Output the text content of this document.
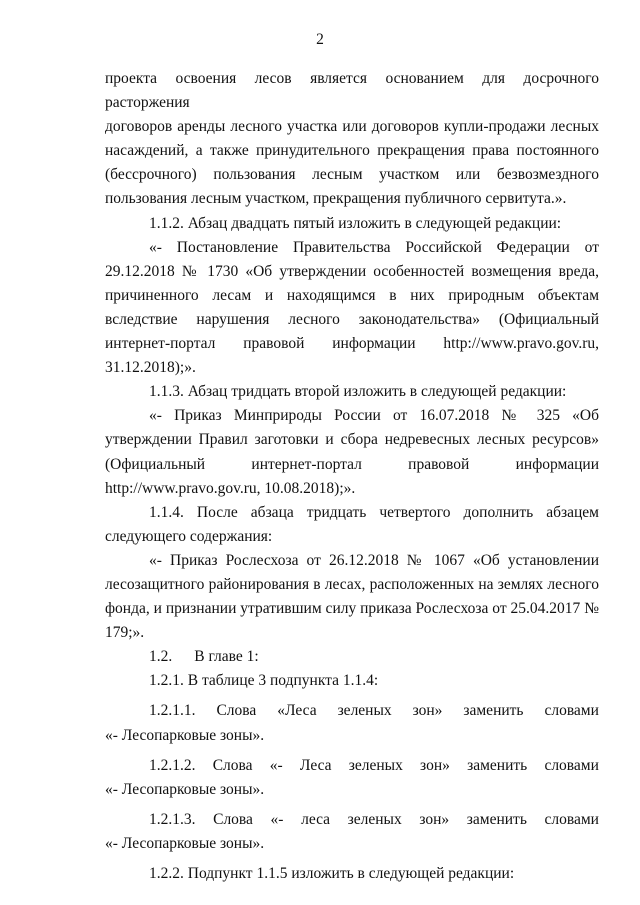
2

проекта освоения лесов является основанием для досрочного расторжения
договоров аренды лесного участка или договоров купли-продажи лесных
насаждений, а также принудительного прекращения права постоянного
(бессрочного) пользования лесным участком или безвозмездного
пользования лесным участком, прекращения публичного сервитута.».

1.1.2. Абзац двадцать пятый изложить в следующей редакции:

«- Постановление Правительства Российской Федерации от 29.12.2018 № 1730 «Об утверждении особенностей возмещения вреда, причиненного лесам и находящимся в них природным объектам вследствие нарушения лесного законодательства» (Официальный интернет-портал правовой информации http://www.pravo.gov.ru, 31.12.2018);».

1.1.3. Абзац тридцать второй изложить в следующей редакции:

«- Приказ Минприроды России от 16.07.2018 № 325 «Об утверждении Правил заготовки и сбора недревесных лесных ресурсов» (Официальный интернет-портал правовой информации http://www.pravo.gov.ru, 10.08.2018);».

1.1.4. После абзаца тридцать четвертого дополнить абзацем следующего содержания:

«- Приказ Рослесхоза от 26.12.2018 № 1067 «Об установлении лесозащитного районирования в лесах, расположенных на землях лесного фонда, и признании утратившим силу приказа Рослесхоза от 25.04.2017 № 179;».

1.2. В главе 1:

1.2.1. В таблице 3 подпункта 1.1.4:

1.2.1.1. Слова «Леса зеленых зон» заменить словами

«- Лесопарковые зоны».

1.2.1.2. Слова «- Леса зеленых зон» заменить словами

«- Лесопарковые зоны».

1.2.1.3. Слова «- леса зеленых зон» заменить словами

«- Лесопарковые зоны».

1.2.2. Подпункт 1.1.5 изложить в следующей редакции:
